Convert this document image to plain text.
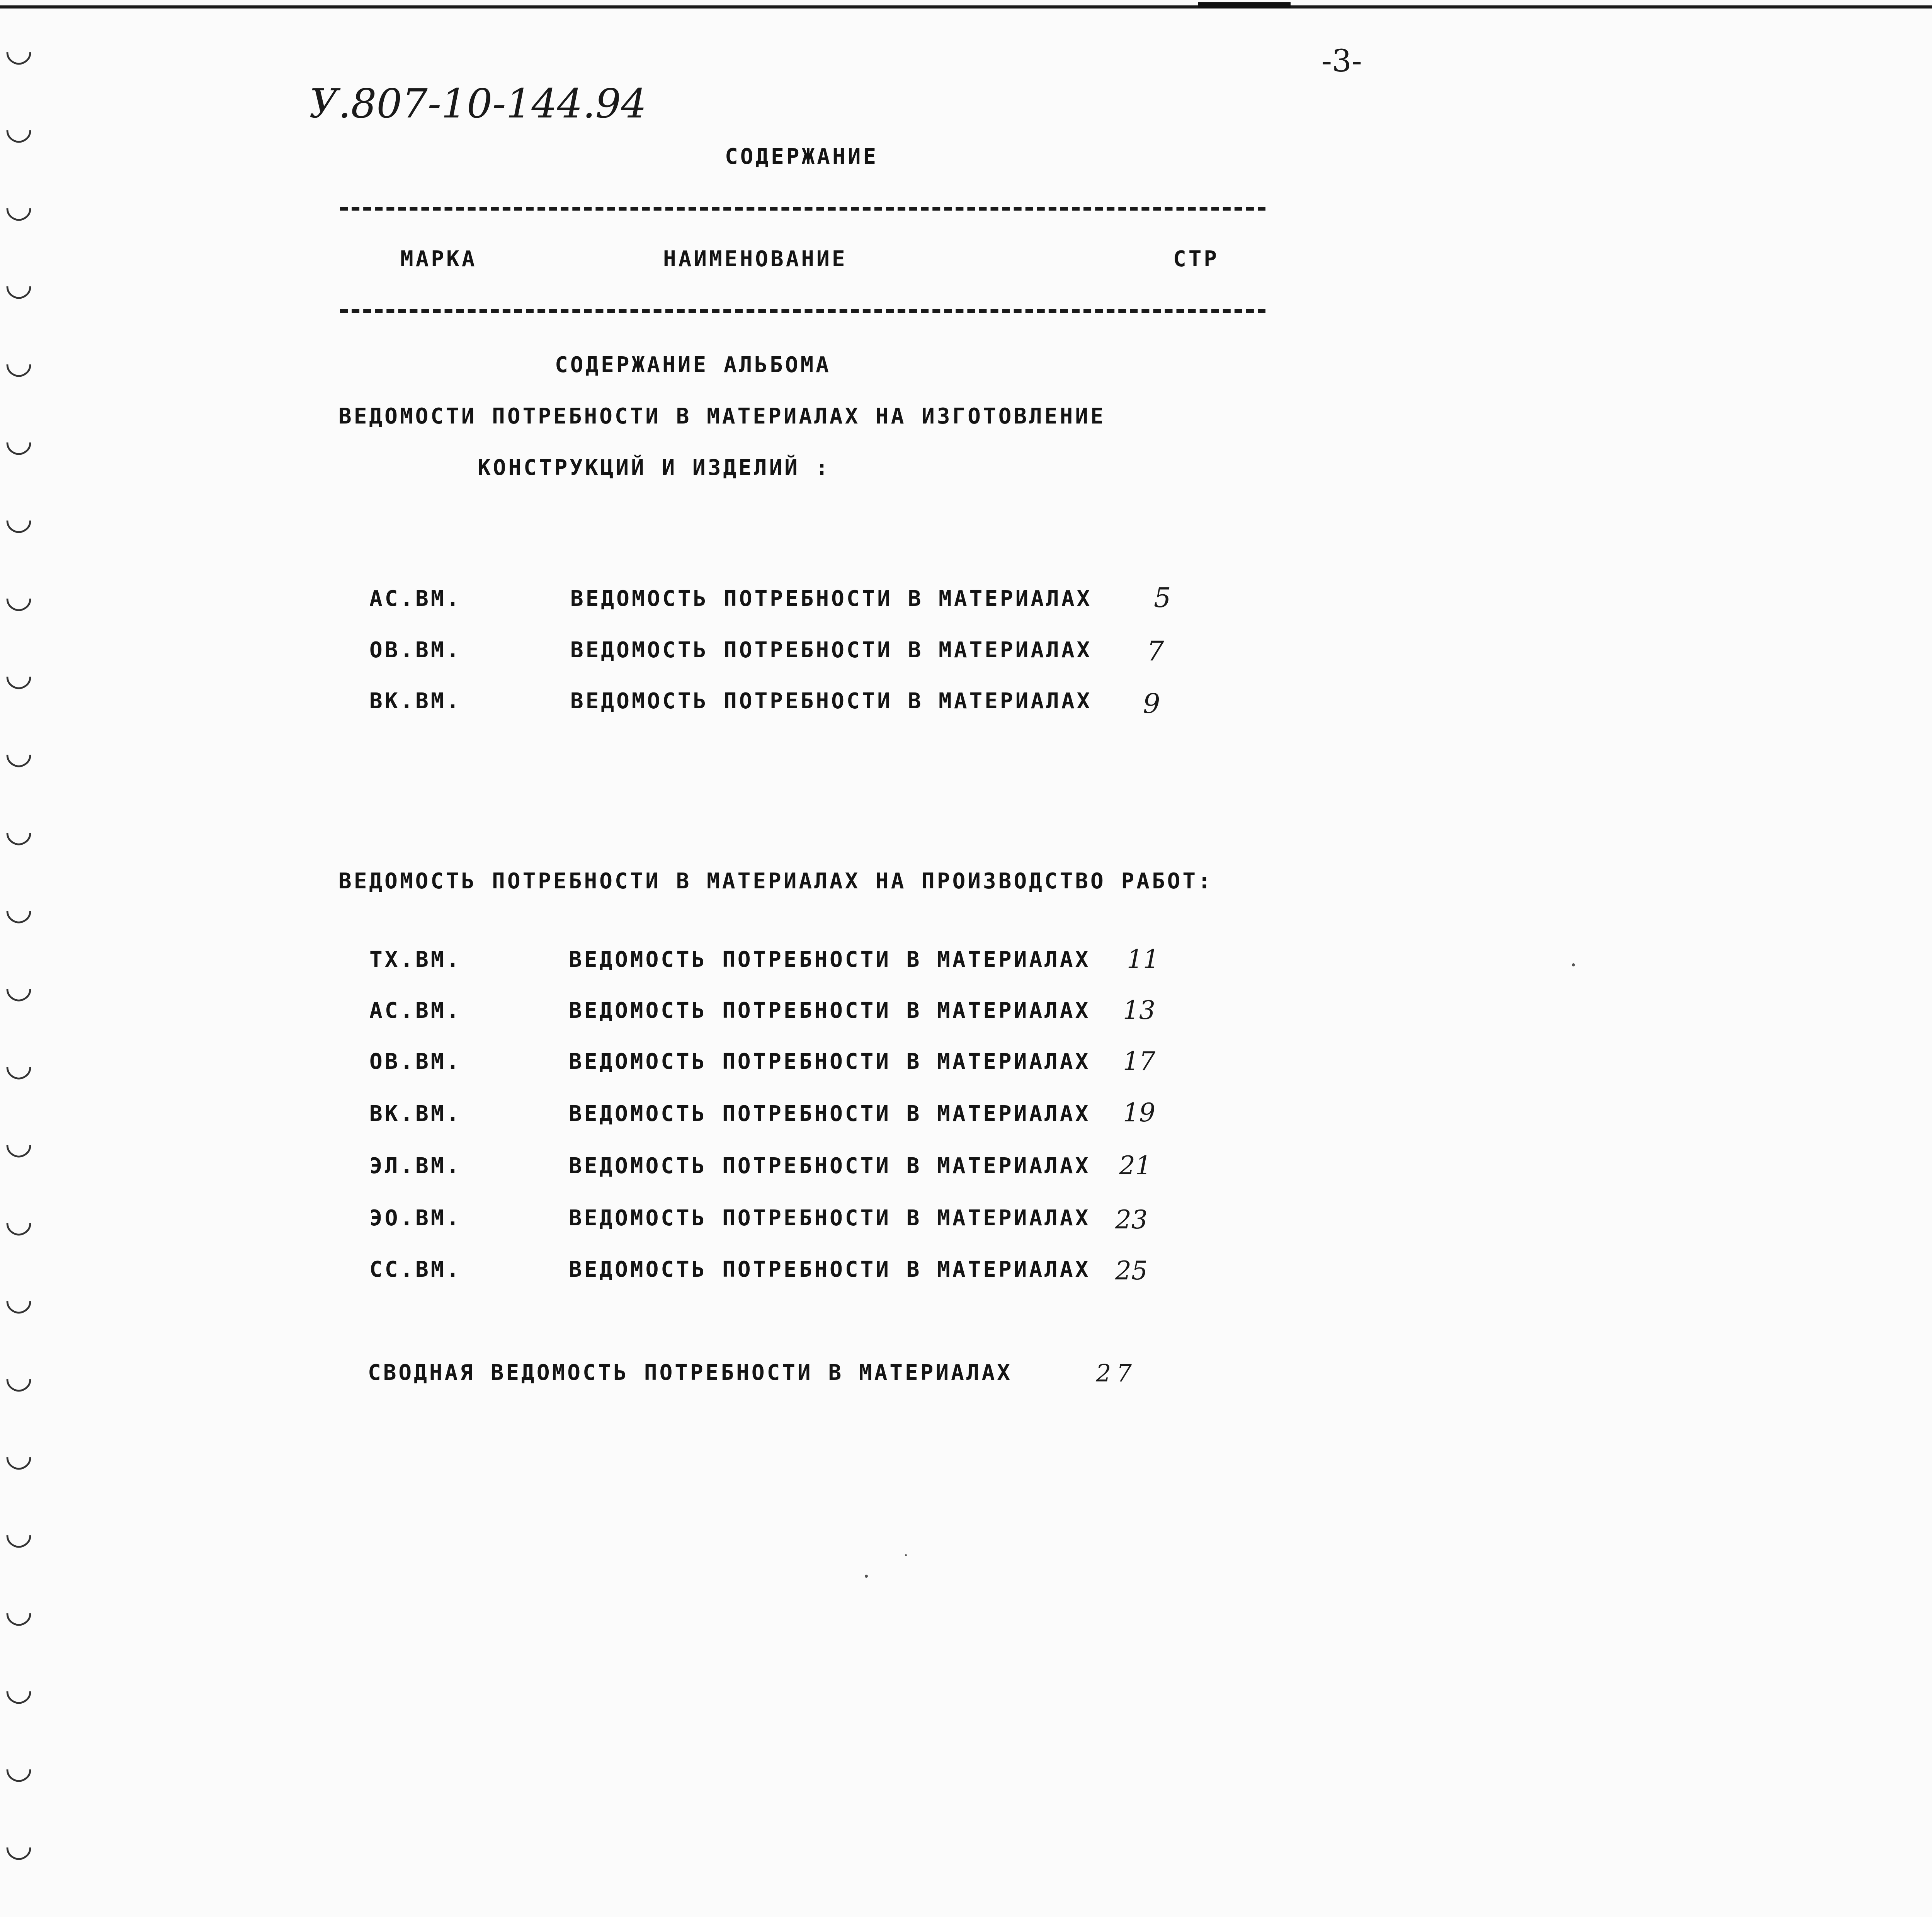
-3-
У.807-10-144.94
СОДЕРЖАНИЕ
МАРКА	НАИМЕНОВАНИЕ	СТР
СОДЕРЖАНИЕ АЛЬБОМА
ВЕДОМОСТИ ПОТРЕБНОСТИ В МАТЕРИАЛАХ НА ИЗГОТОВЛЕНИЕ
КОНСТРУКЦИЙ И ИЗДЕЛИЙ :
АС.ВМ.	ВЕДОМОСТЬ ПОТРЕБНОСТИ В МАТЕРИАЛАХ 5
ОВ.ВМ.	ВЕДОМОСТЬ ПОТРЕБНОСТИ В МАТЕРИАЛАХ 7
ВК.ВМ.	ВЕДОМОСТЬ ПОТРЕБНОСТИ В МАТЕРИАЛАХ 9
ВЕДОМОСТЬ ПОТРЕБНОСТИ В МАТЕРИАЛАХ НА ПРОИЗВОДСТВО РАБОТ:
ТХ.ВМ.	ВЕДОМОСТЬ ПОТРЕБНОСТИ В МАТЕРИАЛАХ 11
АС.ВМ.	ВЕДОМОСТЬ ПОТРЕБНОСТИ В МАТЕРИАЛАХ 13
ОВ.ВМ.	ВЕДОМОСТЬ ПОТРЕБНОСТИ В МАТЕРИАЛАХ 17
ВК.ВМ.	ВЕДОМОСТЬ ПОТРЕБНОСТИ В МАТЕРИАЛАХ 19
ЭЛ.ВМ.	ВЕДОМОСТЬ ПОТРЕБНОСТИ В МАТЕРИАЛАХ 21
ЭО.ВМ.	ВЕДОМОСТЬ ПОТРЕБНОСТИ В МАТЕРИАЛАХ 23
СС.ВМ.	ВЕДОМОСТЬ ПОТРЕБНОСТИ В МАТЕРИАЛАХ 25
СВОДНАЯ ВЕДОМОСТЬ ПОТРЕБНОСТИ В МАТЕРИАЛАХ	27
◡
◡
◡
◡
◡
◡
◡
◡
◡
◡
◡
◡
◡
◡
◡
◡
◡
◡
◡
◡
◡
◡
◡
◡
